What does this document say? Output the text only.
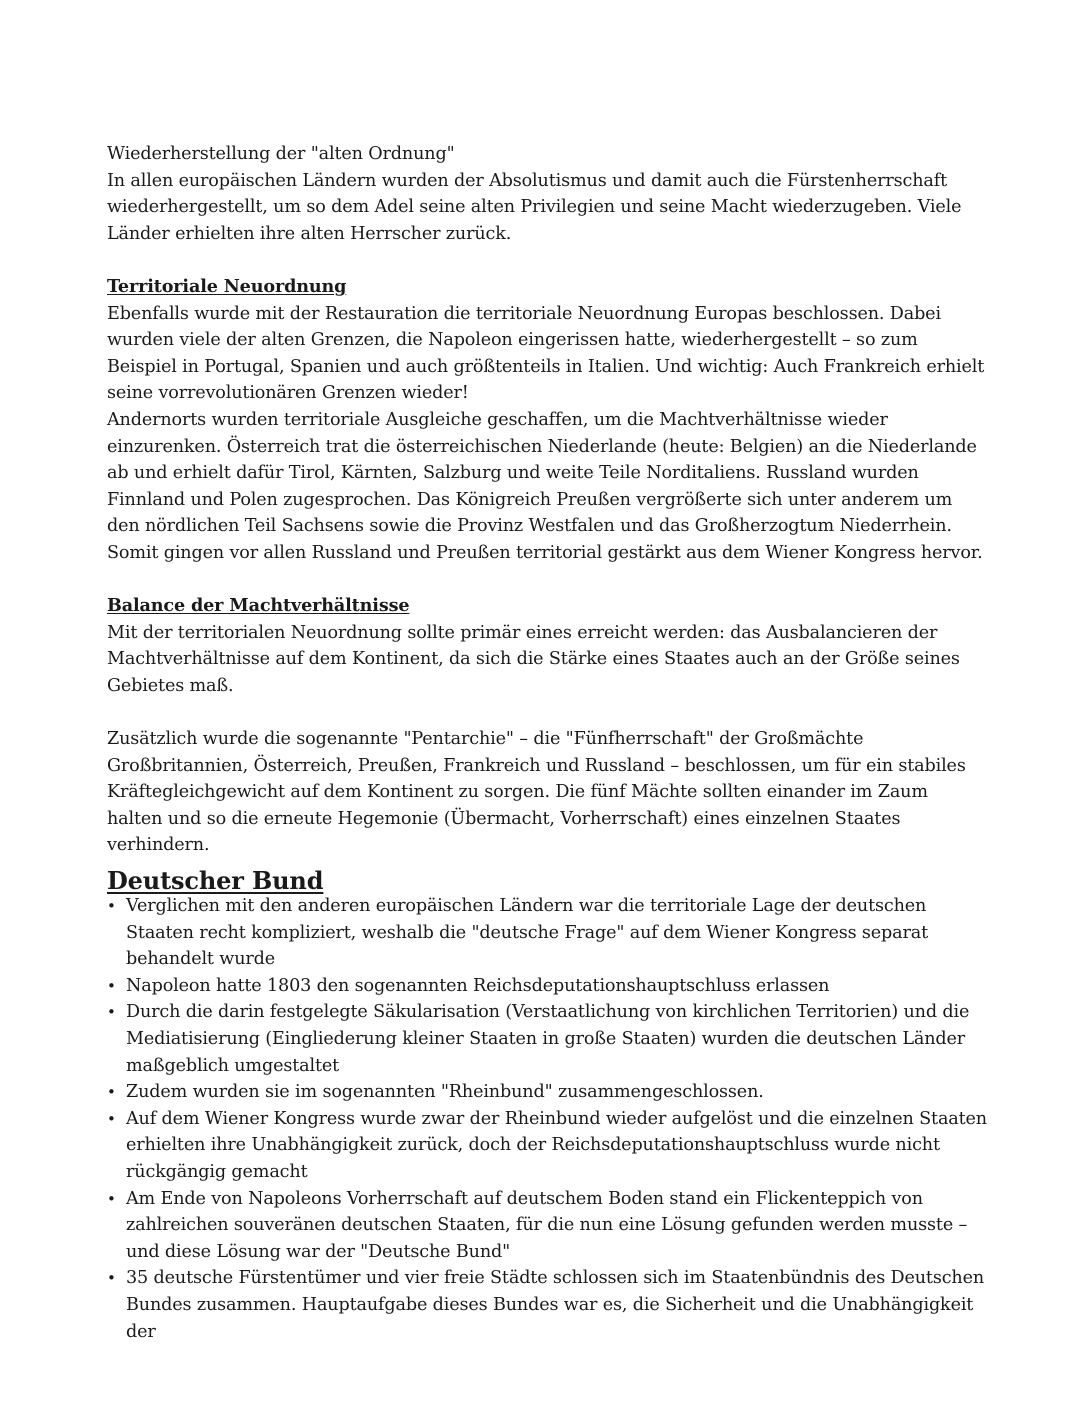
Wiederherstellung der "alten Ordnung"

In allen europäischen Ländern wurden der Absolutismus und damit auch die Fürstenherrschaft wiederhergestellt, um so dem Adel seine alten Privilegien und seine Macht wiederzugeben. Viele Länder erhielten ihre alten Herrscher zurück.

Territoriale Neuordnung

Ebenfalls wurde mit der Restauration die territoriale Neuordnung Europas beschlossen. Dabei wurden viele der alten Grenzen, die Napoleon eingerissen hatte, wiederhergestellt – so zum Beispiel in Portugal, Spanien und auch größtenteils in Italien. Und wichtig: Auch Frankreich erhielt seine vorrevolutionären Grenzen wieder!

Andernorts wurden territoriale Ausgleiche geschaffen, um die Machtverhältnisse wieder einzurenken. Österreich trat die österreichischen Niederlande (heute: Belgien) an die Niederlande ab und erhielt dafür Tirol, Kärnten, Salzburg und weite Teile Norditaliens. Russland wurden Finnland und Polen zugesprochen. Das Königreich Preußen vergrößerte sich unter anderem um den nördlichen Teil Sachsens sowie die Provinz Westfalen und das Großherzogtum Niederrhein. Somit gingen vor allen Russland und Preußen territorial gestärkt aus dem Wiener Kongress hervor.

Balance der Machtverhältnisse

Mit der territorialen Neuordnung sollte primär eines erreicht werden: das Ausbalancieren der Machtverhältnisse auf dem Kontinent, da sich die Stärke eines Staates auch an der Größe seines Gebietes maß.

Zusätzlich wurde die sogenannte "Pentarchie" – die "Fünfherrschaft" der Großmächte Großbritannien, Österreich, Preußen, Frankreich und Russland – beschlossen, um für ein stabiles Kräftegleichgewicht auf dem Kontinent zu sorgen. Die fünf Mächte sollten einander im Zaum halten und so die erneute Hegemonie (Übermacht, Vorherrschaft) eines einzelnen Staates verhindern.

Deutscher Bund
• Verglichen mit den anderen europäischen Ländern war die territoriale Lage der deutschen Staaten recht kompliziert, weshalb die "deutsche Frage" auf dem Wiener Kongress separat behandelt wurde
• Napoleon hatte 1803 den sogenannten Reichsdeputationshauptschluss erlassen
• Durch die darin festgelegte Säkularisation (Verstaatlichung von kirchlichen Territorien) und die Mediatisierung (Eingliederung kleiner Staaten in große Staaten) wurden die deutschen Länder maßgeblich umgestaltet
• Zudem wurden sie im sogenannten "Rheinbund" zusammengeschlossen.
• Auf dem Wiener Kongress wurde zwar der Rheinbund wieder aufgelöst und die einzelnen Staaten erhielten ihre Unabhängigkeit zurück, doch der Reichsdeputationshauptschluss wurde nicht rückgängig gemacht
• Am Ende von Napoleons Vorherrschaft auf deutschem Boden stand ein Flickenteppich von zahlreichen souveränen deutschen Staaten, für die nun eine Lösung gefunden werden musste – und diese Lösung war der "Deutsche Bund"
• 35 deutsche Fürstentümer und vier freie Städte schlossen sich im Staatenbündnis des Deutschen Bundes zusammen. Hauptaufgabe dieses Bundes war es, die Sicherheit und die Unabhängigkeit der
